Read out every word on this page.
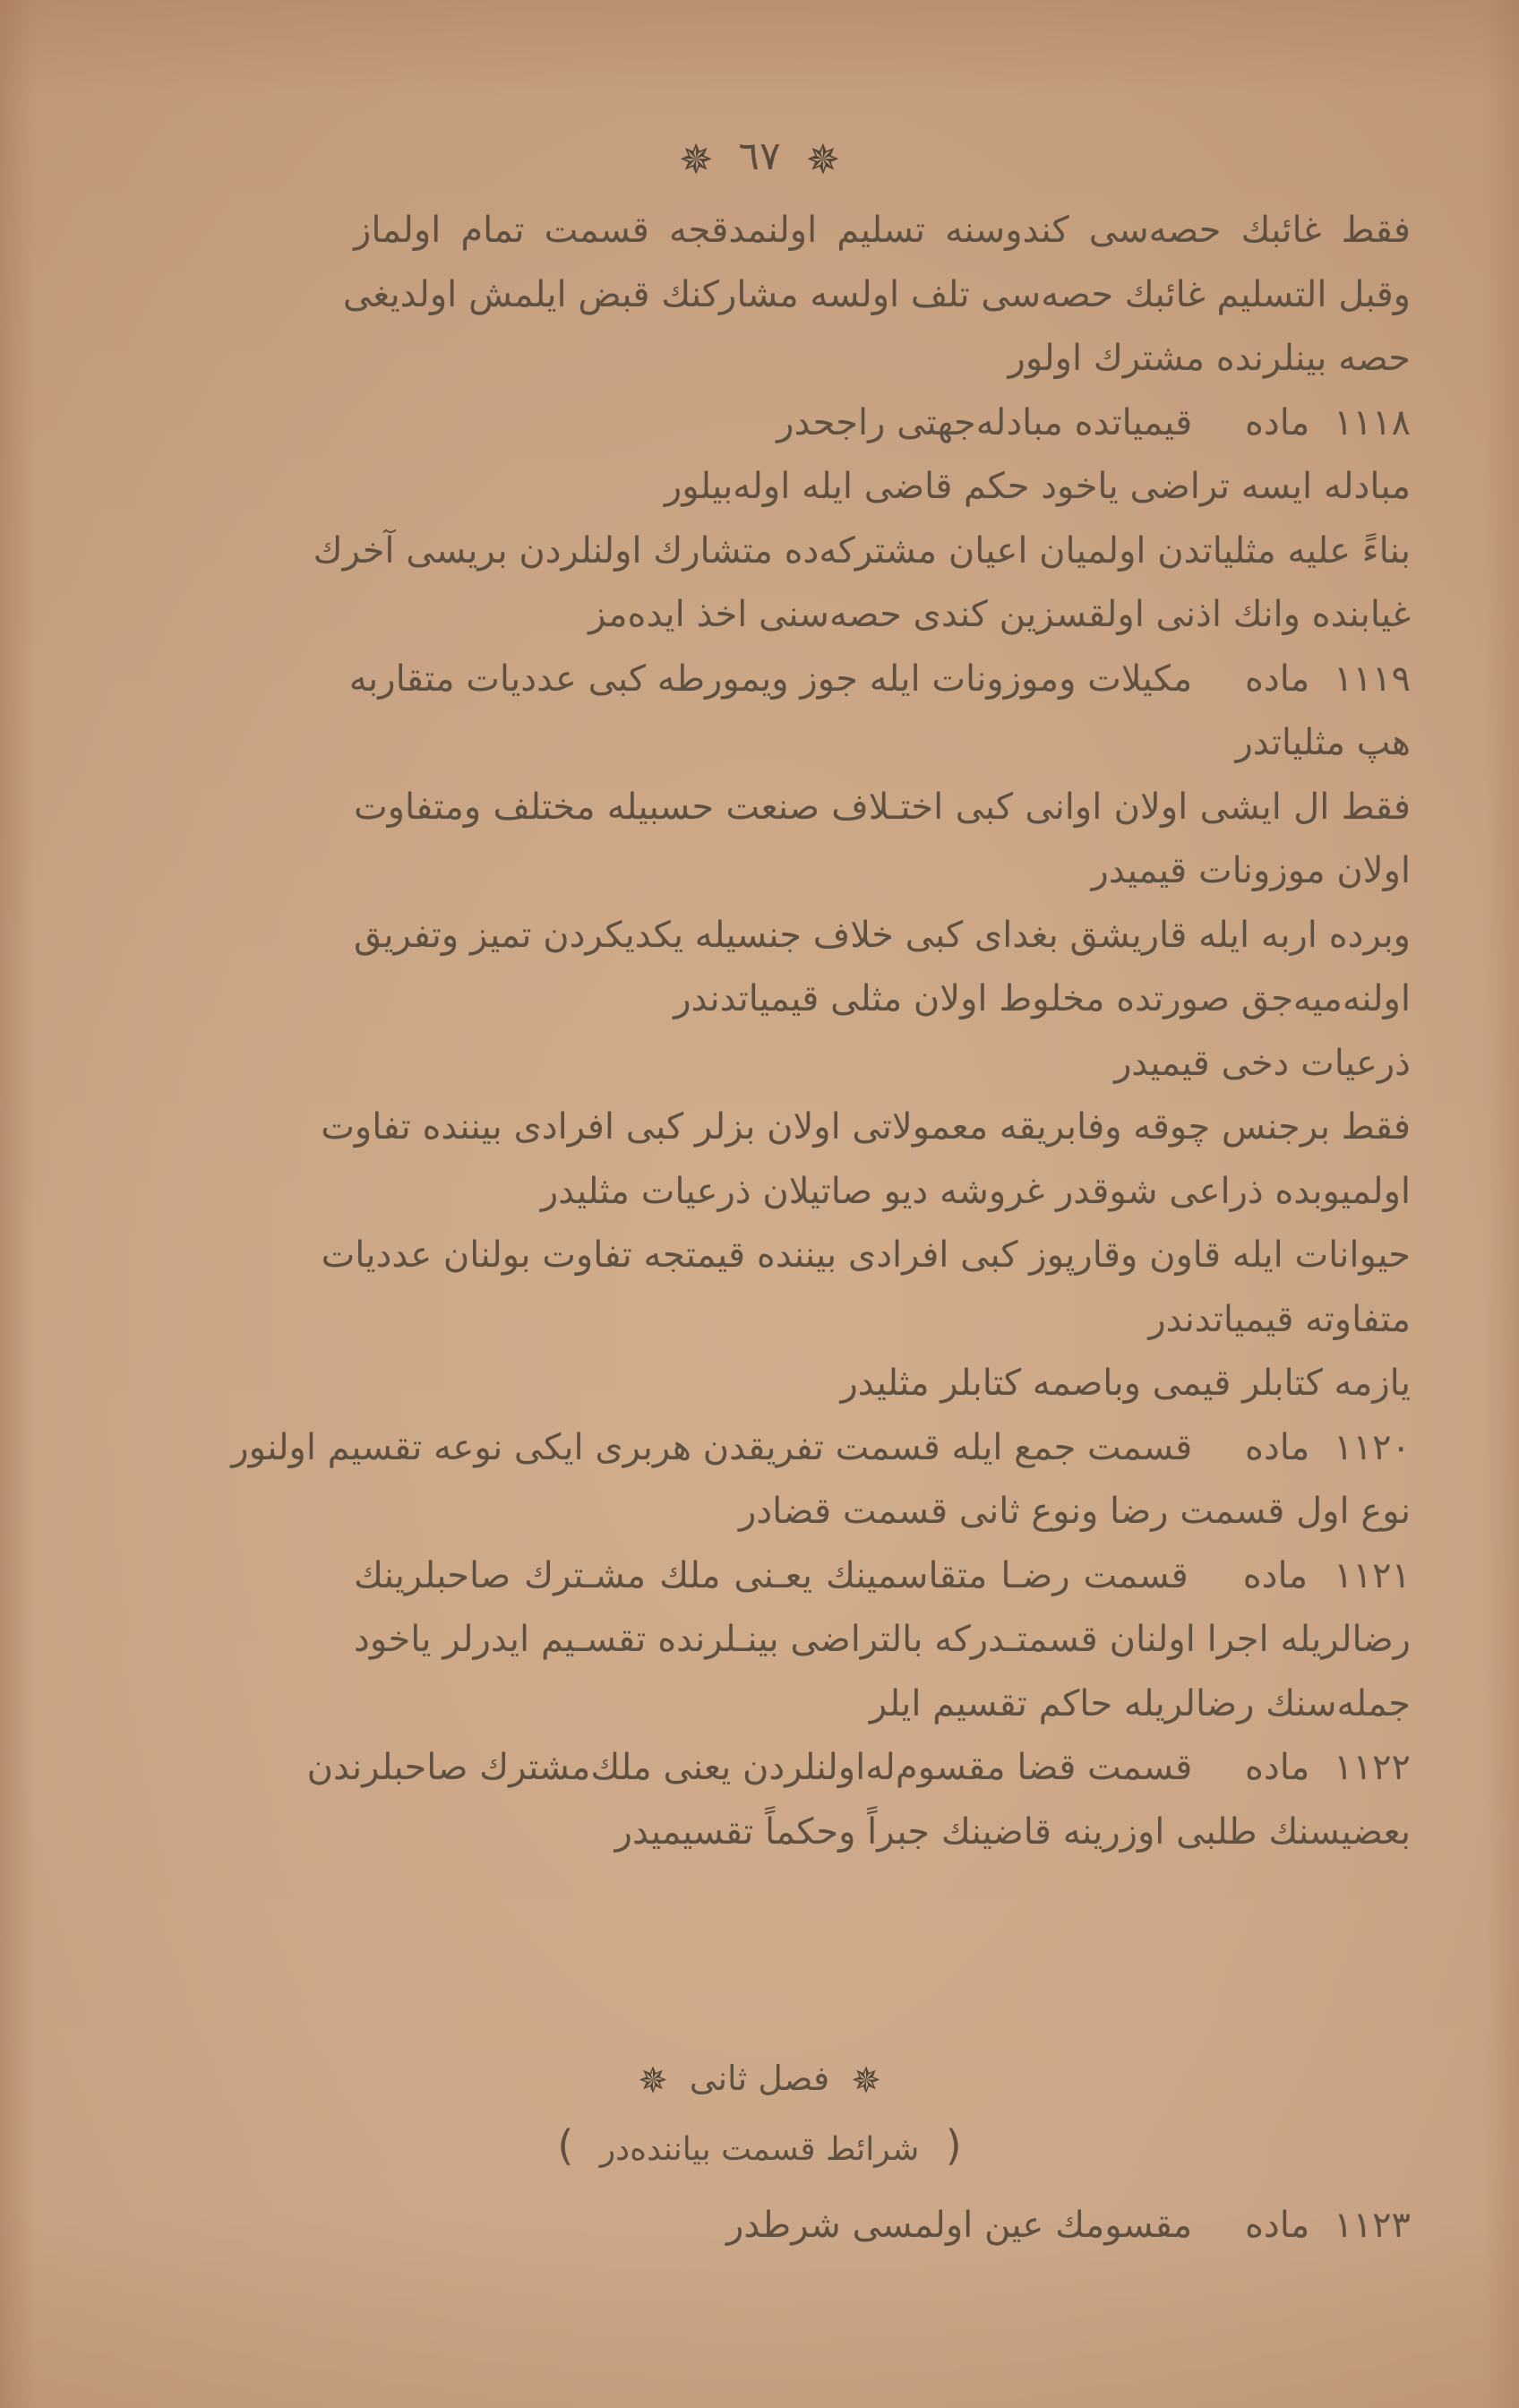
✵ ٦٧ ✵
فقط غائبك حصه‌سی كندوسنه تسليم اولنمدقجه قسمت تمام اولماز
وقبل التسليم غائبك حصه‌سی تلف اولسه مشاركنك قبض ايلمش اولديغی
حصه بينلرنده مشترك اولور
١١١٨ ماده قيمياتده مبادله‌جهتی راجحدر
مبادله ايسه تراضی ياخود حكم قاضی ايله اوله‌بيلور
بناءً عليه مثلياتدن اولميان اعيان مشتركه‌ده متشارك اولنلردن بريسی آخرك
غيابنده وانك اذنی اولقسزين كندی حصه‌سنی اخذ ايده‌مز
١١١٩ ماده مكيلات وموزونات ايله جوز ويمورطه كبی عدديات متقاربه
هپ مثلياتدر
فقط ال ايشی اولان اوانی كبی اختـلاف صنعت حسبيله مختلف ومتفاوت
اولان موزونات قيميدر
وبرده اربه ايله قاريشق بغدای كبی خلاف جنسيله يكديكردن تميز وتفريق
اولنه‌ميه‌جق صورتده مخلوط اولان مثلی قيمياتدندر
ذرعيات دخی قيميدر
فقط برجنس چوقه وفابريقه معمولاتی اولان بزلر كبی افرادی بيننده تفاوت
اولميوبده ذراعی شوقدر غروشه ديو صاتيلان ذرعيات مثليدر
حيوانات ايله قاون وقارپوز كبی افرادی بيننده قيمتجه تفاوت بولنان عدديات
متفاوته قيمياتدندر
يازمه كتابلر قيمی وباصمه كتابلر مثليدر
١١٢٠ ماده قسمت جمع ايله قسمت تفريقدن هربری ايكی نوعه تقسيم اولنور
نوع اول قسمت رضا ونوع ثانی قسمت قضادر
١١٢١ ماده قسمت رضـا متقاسمينك يعـنی ملك مشـترك صاحبلرينك
رضالريله اجرا اولنان قسمتـدركه بالتراضی بينـلرنده تقسـيم ايدرلر ياخود
جمله‌سنك رضالريله حاكم تقسيم ايلر
١١٢٢ ماده قسمت قضا مقسوم‌له‌اولنلردن يعنی ملك‌مشترك صاحبلرندن
بعضيسنك طلبی اوزرينه قاضينك جبراً وحكماً تقسيميدر
✵ فصل ثانی ✵
( شرائط قسمت بياننده‌در )
١١٢٣ ماده مقسومك عين اولمسی شرطدر
